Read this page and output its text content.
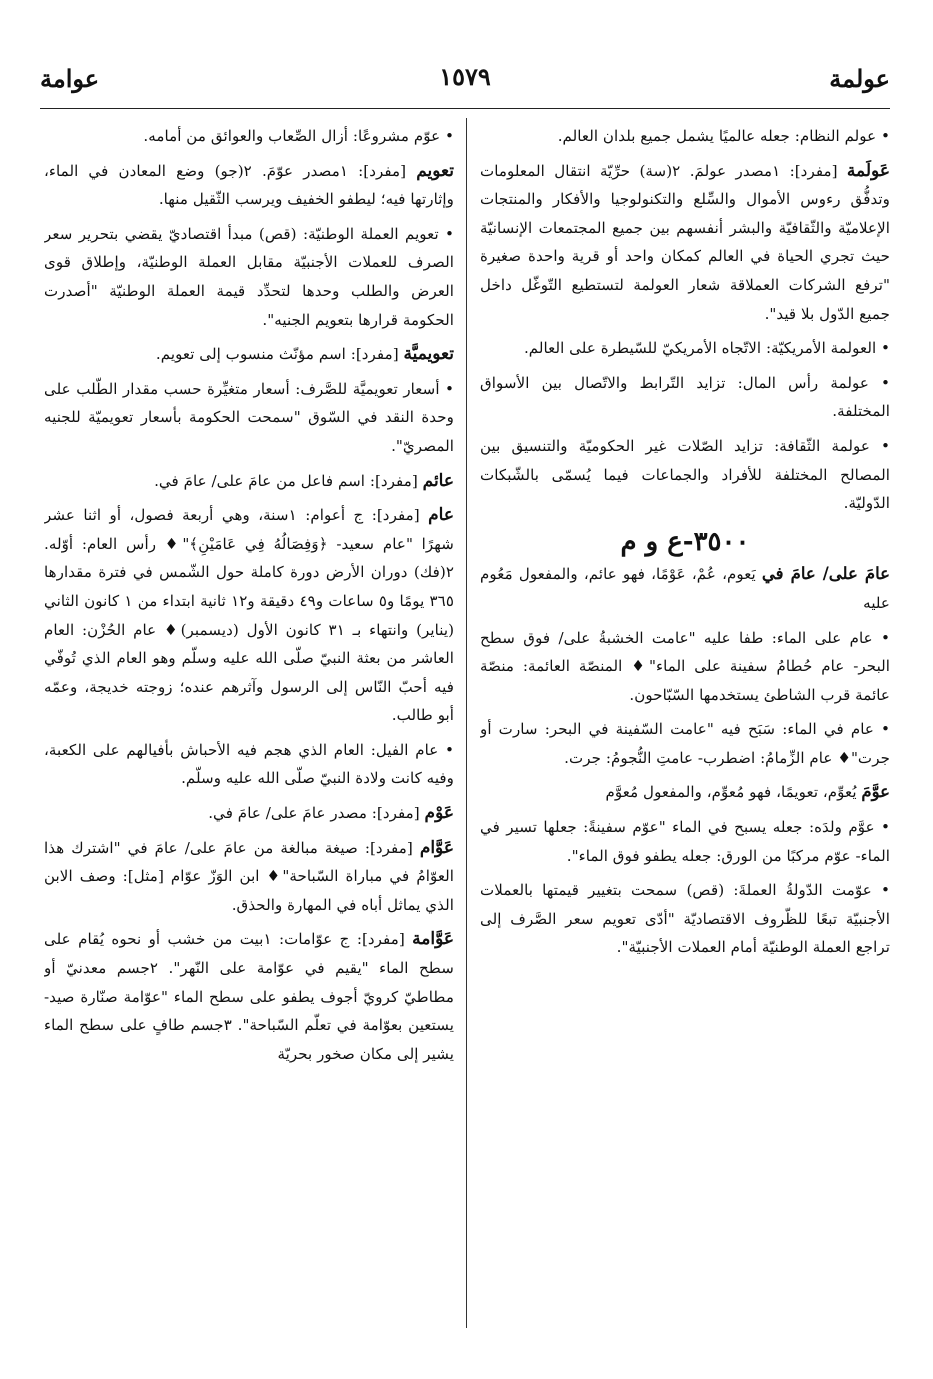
عولمة
١٥٧٩
عوامة

• عولم النظام: جعله عالميًا يشمل جميع بلدان العالم.

عَولَمة [مفرد]: ١مصدر عولمَ. ٢(سة) حرِّيّة انتقال المعلومات وتدفُّق رءوس الأموال والسِّلع والتكنولوجيا والأفكار والمنتجات الإعلاميّة والثّقافيّة والبشر أنفسهم بين جميع المجتمعات الإنسانيّة حيث تجري الحياة في العالم كمكان واحد أو قرية واحدة صغيرة "ترفع الشركات العملاقة شعار العولمة لتستطيع التّوغّل داخل جميع الدّول بلا قيد".

• العولمة الأمريكيّة: الاتّجاه الأمريكيّ للسّيطرة على العالم.

• عولمة رأس المال: تزايد التّرابط والاتّصال بين الأسواق المختلفة.

• عولمة الثّقافة: تزايد الصّلات غير الحكوميّة والتنسيق بين المصالح المختلفة للأفراد والجماعات فيما يُسمّى بالشّبكات الدّوليّة.

٣٥٠٠-ع و م

عامَ على/ عامَ في يَعوم، عُمْ، عَوْمًا، فهو عائم، والمفعول مَعُوم عليه

• عام على الماء: طفا عليه "عامت الخشبةُ على/ فوق سطح البحر- عام حُطامُ سفينة على الماء"♦ المنصّة العائمة: منصّة عائمة قرب الشاطئ يستخدمها السّبّاحون.

• عام في الماء: سَبَح فيه "عامت السّفينة في البحر: سارت أو جرت"♦ عام الزِّمامُ: اضطرب- عامتِ النُّجومُ: جرت.

عوَّمَ يُعوِّم، تعويمًا، فهو مُعوِّم، والمفعول مُعوَّم

• عوَّم ولدَه: جعله يسبح في الماء "عوّم سفينةً: جعلها تسير في الماء- عوّم مركبًا من الورق: جعله يطفو فوق الماء".

• عوّمت الدّولةُ العملةَ: (قص) سمحت بتغيير قيمتها بالعملات الأجنبيّة تبعًا للظّروف الاقتصاديّة "أدّى تعويم سعر الصَّرف إلى تراجع العملة الوطنيّة أمام العملات الأجنبيّة".

• عوّم مشروعًا: أزال الصِّعاب والعوائق من أمامه.

تعويم [مفرد]: ١مصدر عوّمَ. ٢(جو) وضع المعادن في الماء، وإثارتها فيه؛ ليطفو الخفيف ويرسب الثّقيل منها.

• تعويم العملة الوطنيّة: (قص) مبدأ اقتصاديّ يقضي بتحرير سعر الصرف للعملات الأجنبيّة مقابل العملة الوطنيّة، وإطلاق قوى العرض والطلب وحدها لتحدِّد قيمة العملة الوطنيّة "أصدرت الحكومة قرارها بتعويم الجنيه".

تعويميَّة [مفرد]: اسم مؤنّث منسوب إلى تعويم.

• أسعار تعويميَّة للصَّرف: أسعار متغيِّرة حسب مقدار الطّلب على وحدة النقد في السّوق "سمحت الحكومة بأسعار تعويميّة للجنيه المصريّ".

عائم [مفرد]: اسم فاعل من عامَ على/ عامَ في.

عام [مفرد]: ج أعوام: ١سنة، وهي أربعة فصول، أو اثنا عشر شهرًا "عام سعيد- ﴿وَفِصَالُهُ فِي عَامَيْنِ﴾"♦ رأس العام: أوّله. ٢(فك) دوران الأرض دورة كاملة حول الشّمس في فترة مقدارها ٣٦٥ يومًا و٥ ساعات و٤٩ دقيقة و١٢ ثانية ابتداء من ١ كانون الثاني (يناير) وانتهاء بـ ٣١ كانون الأول (ديسمبر)♦ عام الحُزْن: العام العاشر من بعثة النبيّ صلّى الله عليه وسلّم وهو العام الذي تُوفّي فيه أحبّ النّاس إلى الرسول وآثرهم عنده؛ زوجته خديجة، وعمّه أبو طالب.

• عام الفيل: العام الذي هجم فيه الأحباش بأفيالهم على الكعبة، وفيه كانت ولادة النبيّ صلّى الله عليه وسلّم.

عَوْم [مفرد]: مصدر عامَ على/ عامَ في.

عَوَّام [مفرد]: صيغة مبالغة من عامَ على/ عامَ في "اشترك هذا العوّامُ في مباراة السّباحة"♦ ابن الوَزّ عوّام [مثل]: وصف الابن الذي يماثل أباه في المهارة والحذق.

عَوَّامة [مفرد]: ج عوّامات: ١بيت من خشب أو نحوه يُقام على سطح الماء "يقيم في عوّامة على النّهر". ٢جسم معدنيّ أو مطاطيّ كرويّ أجوف يطفو على سطح الماء "عوّامة صنّارة صيد- يستعين بعوّامة في تعلّم السّباحة". ٣جسم طافٍ على سطح الماء يشير إلى مكان صخور بحريّة
